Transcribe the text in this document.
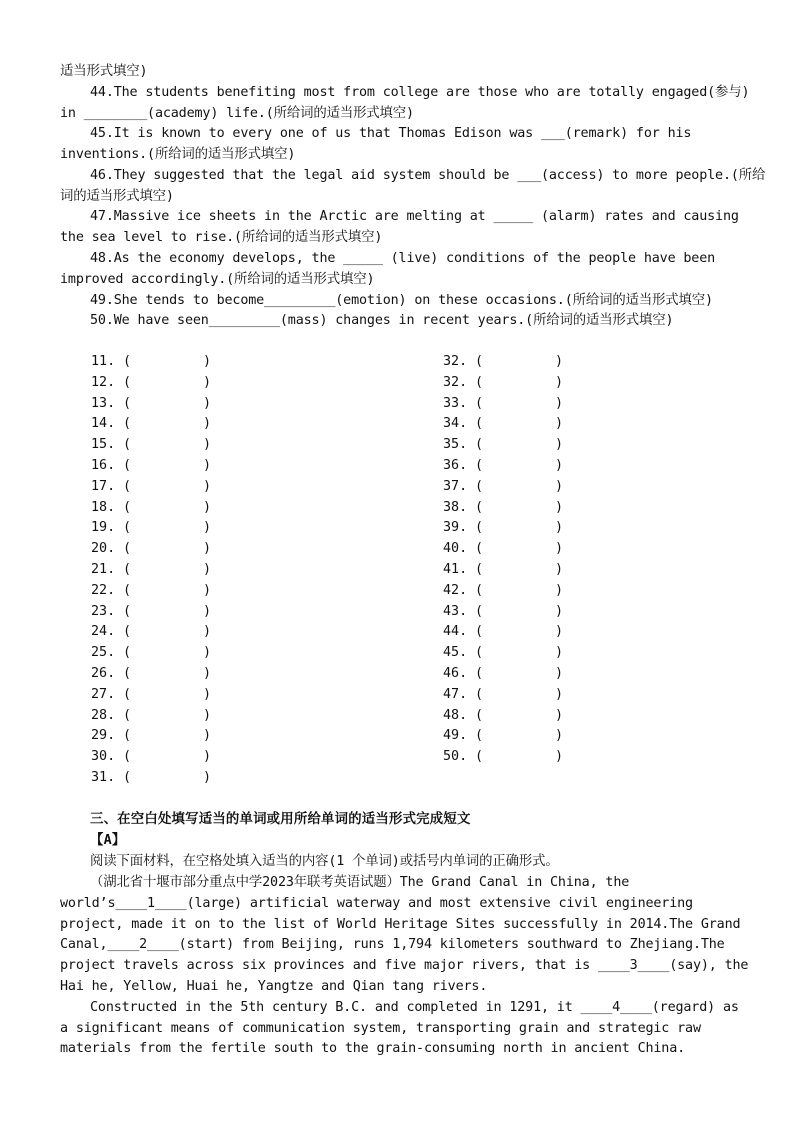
适当形式填空)
44.The students benefiting most from college are those who are totally engaged(参与)
in ________(academy) life.(所给词的适当形式填空)
45.It is known to every one of us that Thomas Edison was ___(remark) for his
inventions.(所给词的适当形式填空)
46.They suggested that the legal aid system should be ___(access) to more people.(所给
词的适当形式填空)
47.Massive ice sheets in the Arctic are melting at _____ (alarm) rates and causing
the sea level to rise.(所给词的适当形式填空)
48.As the economy develops, the _____ (live) conditions of the people have been
improved accordingly.(所给词的适当形式填空)
49.She tends to become_________(emotion) on these occasions.(所给词的适当形式填空)
50.We have seen_________(mass) changes in recent years.(所给词的适当形式填空)
11. (	)
12. (	)
13. (	)
14. (	)
15. (	)
16. (	)
17. (	)
18. (	)
19. (	)
20. (	)
21. (	)
22. (	)
23. (	)
24. (	)
25. (	)
26. (	)
27. (	)
28. (	)
29. (	)
30. (	)
31. (	)
32. (	)
32. (	)
33. (	)
34. (	)
35. (	)
36. (	)
37. (	)
38. (	)
39. (	)
40. (	)
41. (	)
42. (	)
43. (	)
44. (	)
45. (	)
46. (	)
47. (	)
48. (	)
49. (	)
50. (	)
三、在空白处填写适当的单词或用所给单词的适当形式完成短文
【A】
阅读下面材料，在空格处填入适当的内容(1 个单词)或括号内单词的正确形式。
（湖北省十堰市部分重点中学2023年联考英语试题）The Grand Canal in China, the
world’s____1____(large) artificial waterway and most extensive civil engineering
project, made it on to the list of World Heritage Sites successfully in 2014.The Grand
Canal,____2____(start) from Beijing, runs 1,794 kilometers southward to Zhejiang.The
project travels across six provinces and five major rivers, that is ____3____(say), the
Hai he, Yellow, Huai he, Yangtze and Qian tang rivers.
Constructed in the 5th century B.C. and completed in 1291, it ____4____(regard) as
a significant means of communication system, transporting grain and strategic raw
materials from the fertile south to the grain-consuming north in ancient China.
